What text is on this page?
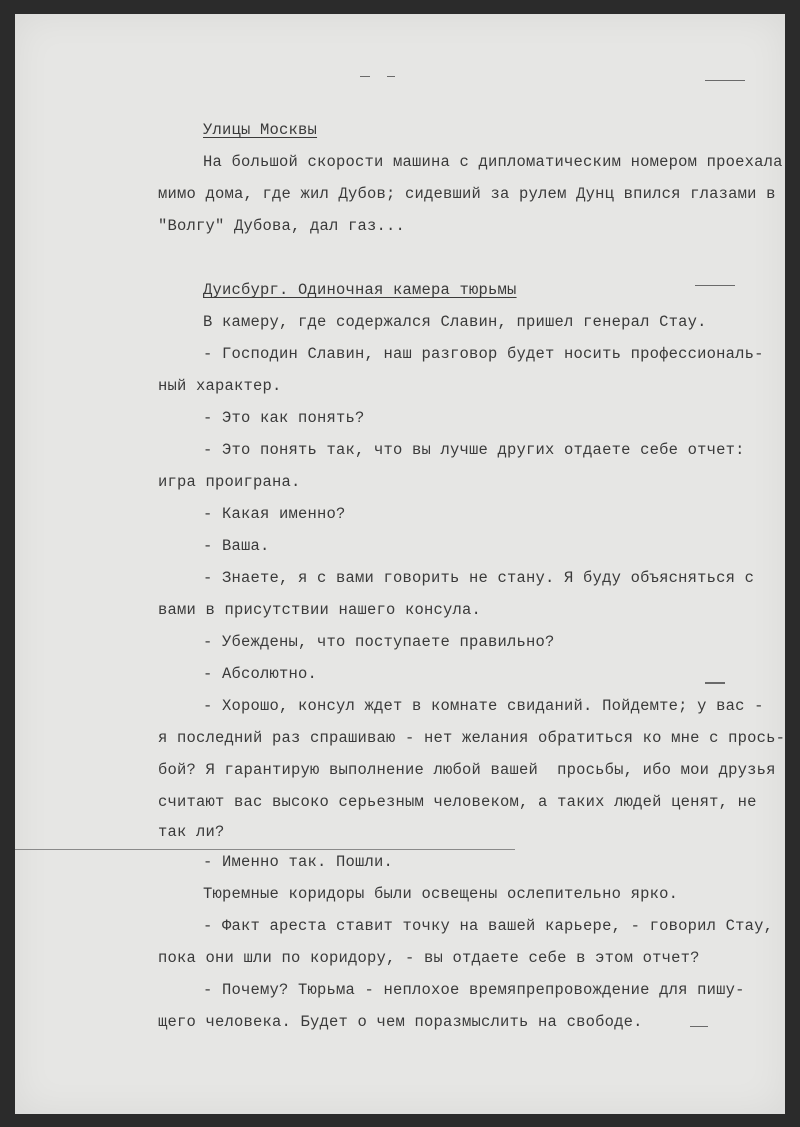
Улицы Москвы
На большой скорости машина с дипломатическим номером проехала
мимо дома, где жил Дубов; сидевший за рулем Дунц впился глазами в
"Волгу" Дубова, дал газ...
Дуисбург. Одиночная камера тюрьмы
В камеру, где содержался Славин, пришел генерал Стау.
- Господин Славин, наш разговор будет носить профессиональ-
ный характер.
- Это как понять?
- Это понять так, что вы лучше других отдаете себе отчет:
игра проиграна.
- Какая именно?
- Ваша.
- Знаете, я с вами говорить не стану. Я буду объясняться с
вами в присутствии нашего консула.
- Убеждены, что поступаете правильно?
- Абсолютно.
- Хорошо, консул ждет в комнате свиданий. Пойдемте; у вас -
я последний раз спрашиваю - нет желания обратиться ко мне с прось-
бой? Я гарантирую выполнение любой вашей  просьбы, ибо мои друзья
считают вас высоко серьезным человеком, а таких людей ценят, не
так ли?
- Именно так. Пошли.
Тюремные коридоры были освещены ослепительно ярко.
- Факт ареста ставит точку на вашей карьере, - говорил Стау,
пока они шли по коридору, - вы отдаете себе в этом отчет?
- Почему? Тюрьма - неплохое времяпрепровождение для пишу-
щего человека. Будет о чем поразмыслить на свободе.
